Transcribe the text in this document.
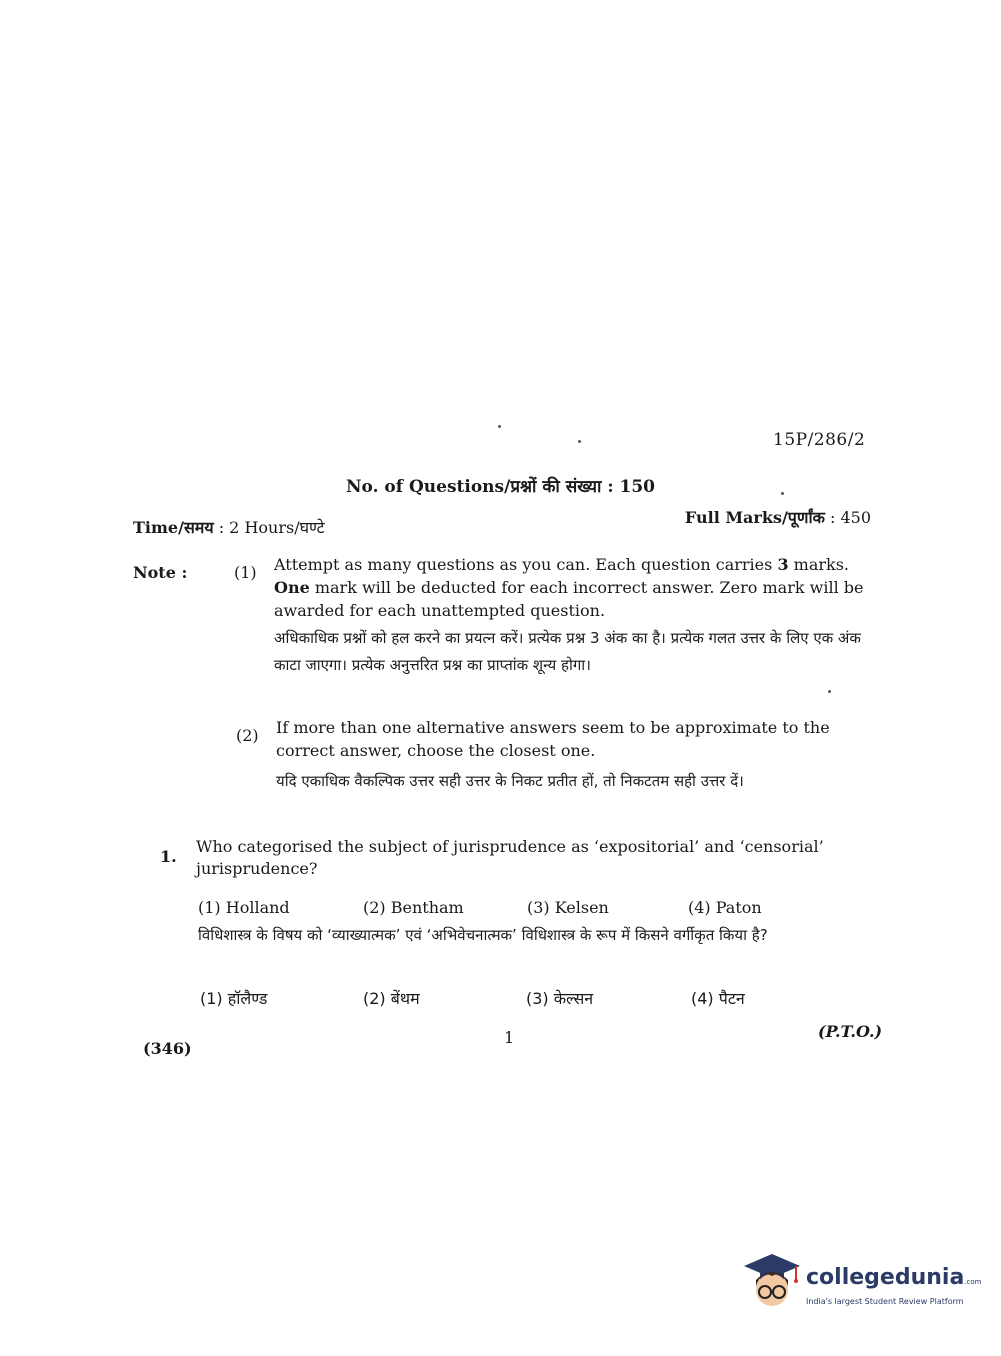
15P/286/2
No. of Questions/प्रश्नों की संख्या : 150
Time/समय : 2 Hours/घण्टे
Full Marks/पूर्णांक : 450
Note :	(1) Attempt as many questions as you can. Each question carries 3 marks. One mark will be deducted for each incorrect answer. Zero mark will be awarded for each unattempted question.
अधिकाधिक प्रश्नों को हल करने का प्रयत्न करें। प्रत्येक प्रश्न 3 अंक का है। प्रत्येक गलत उत्तर के लिए एक अंक काटा जाएगा। प्रत्येक अनुत्तरित प्रश्न का प्राप्तांक शून्य होगा।
(2) If more than one alternative answers seem to be approximate to the correct answer, choose the closest one.
यदि एकाधिक वैकल्पिक उत्तर सही उत्तर के निकट प्रतीत हों, तो निकटतम सही उत्तर दें।
1.
Who categorised the subject of jurisprudence as ‘expositorial’ and ‘censorial’ jurisprudence?
(1) Holland	(2) Bentham	(3) Kelsen	(4) Paton
विधिशास्त्र के विषय को ‘व्याख्यात्मक’ एवं ‘अभिवेचनात्मक’ विधिशास्त्र के रूप में किसने वर्गीकृत किया है?
(1) हॉलैण्ड	(2) बेंथम	(3) केल्सन	(4) पैटन
(346)
1	(P.T.O.)
collegedunia.com
India's largest Student Review Platform
